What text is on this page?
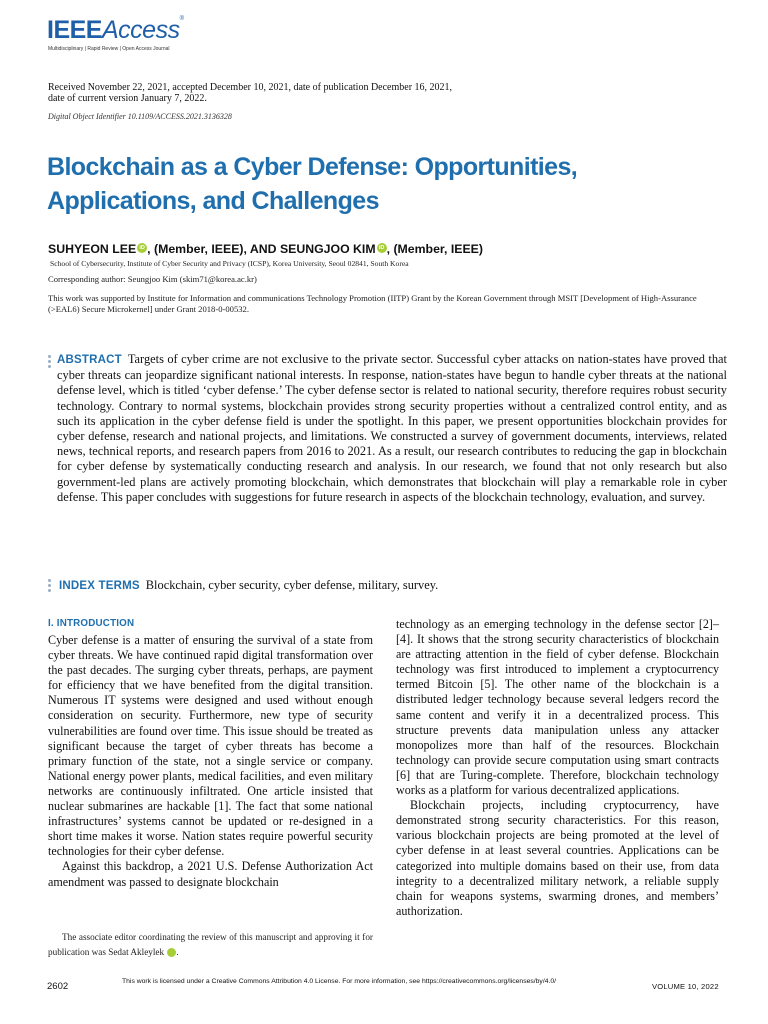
IEEEAccess®
Multidisciplinary | Rapid Review | Open Access Journal
Received November 22, 2021, accepted December 10, 2021, date of publication December 16, 2021,
date of current version January 7, 2022.
Digital Object Identifier 10.1109/ACCESS.2021.3136328
Blockchain as a Cyber Defense: Opportunities, Applications, and Challenges
SUHYEON LEE iD , (Member, IEEE), AND SEUNGJOO KIM iD , (Member, IEEE)
School of Cybersecurity, Institute of Cyber Security and Privacy (ICSP), Korea University, Seoul 02841, South Korea
Corresponding author: Seungjoo Kim (skim71@korea.ac.kr)
This work was supported by Institute for Information and communications Technology Promotion (IITP) Grant by the Korean Government through MSIT [Development of High-Assurance (>EAL6) Secure Microkernel] under Grant 2018-0-00532.
ABSTRACT Targets of cyber crime are not exclusive to the private sector. Successful cyber attacks on nation-states have proved that cyber threats can jeopardize significant national interests. In response, nation-states have begun to handle cyber threats at the national defense level, which is titled ‘cyber defense.’ The cyber defense sector is related to national security, therefore requires robust security technology. Contrary to normal systems, blockchain provides strong security properties without a centralized control entity, and as such its application in the cyber defense field is under the spotlight. In this paper, we present opportunities blockchain provides for cyber defense, research and national projects, and limitations. We constructed a survey of government documents, interviews, related news, technical reports, and research papers from 2016 to 2021. As a result, our research contributes to reducing the gap in blockchain for cyber defense by systematically conducting research and analysis. In our research, we found that not only research but also government-led plans are actively promoting blockchain, which demonstrates that blockchain will play a remarkable role in cyber defense. This paper concludes with suggestions for future research in aspects of the blockchain technology, evaluation, and survey.
INDEX TERMS Blockchain, cyber security, cyber defense, military, survey.
I. INTRODUCTION

Cyber defense is a matter of ensuring the survival of a state from cyber threats. We have continued rapid digital transformation over the past decades. The surging cyber threats, perhaps, are payment for efficiency that we have benefited from the digital transition. Numerous IT systems were designed and used without enough consideration on security. Furthermore, new type of security vulnerabilities are found over time. This issue should be treated as significant because the target of cyber threats has become a primary function of the state, not a single service or company. National energy power plants, medical facilities, and even military networks are continuously infiltrated. One article insisted that nuclear submarines are hackable [1]. The fact that some national infrastructures’ systems cannot be updated or re-designed in a short time makes it worse. Nation states require powerful security technologies for their cyber defense.

Against this backdrop, a 2021 U.S. Defense Authorization Act amendment was passed to designate blockchain

technology as an emerging technology in the defense sector [2]–[4]. It shows that the strong security characteristics of blockchain are attracting attention in the field of cyber defense. Blockchain technology was first introduced to implement a cryptocurrency termed Bitcoin [5]. The other name of the blockchain is a distributed ledger technology because several ledgers record the same content and verify it in a decentralized process. This structure prevents data manipulation unless any attacker monopolizes more than half of the resources. Blockchain technology can provide secure computation using smart contracts [6] that are Turing-complete. Therefore, blockchain technology works as a platform for various decentralized applications.

Blockchain projects, including cryptocurrency, have demonstrated strong security characteristics. For this reason, various blockchain projects are being promoted at the level of cyber defense in at least several countries. Applications can be categorized into multiple domains based on their use, from data integrity to a decentralized military network, a reliable supply chain for weapons systems, swarming drones, and members’ authorization.

The associate editor coordinating the review of this manuscript and approving it for publication was Sedat Akleylek	iD.

2602	This work is licensed under a Creative Commons Attribution 4.0 License. For more information, see https://creativecommons.org/licenses/by/4.0/
VOLUME 10, 2022
